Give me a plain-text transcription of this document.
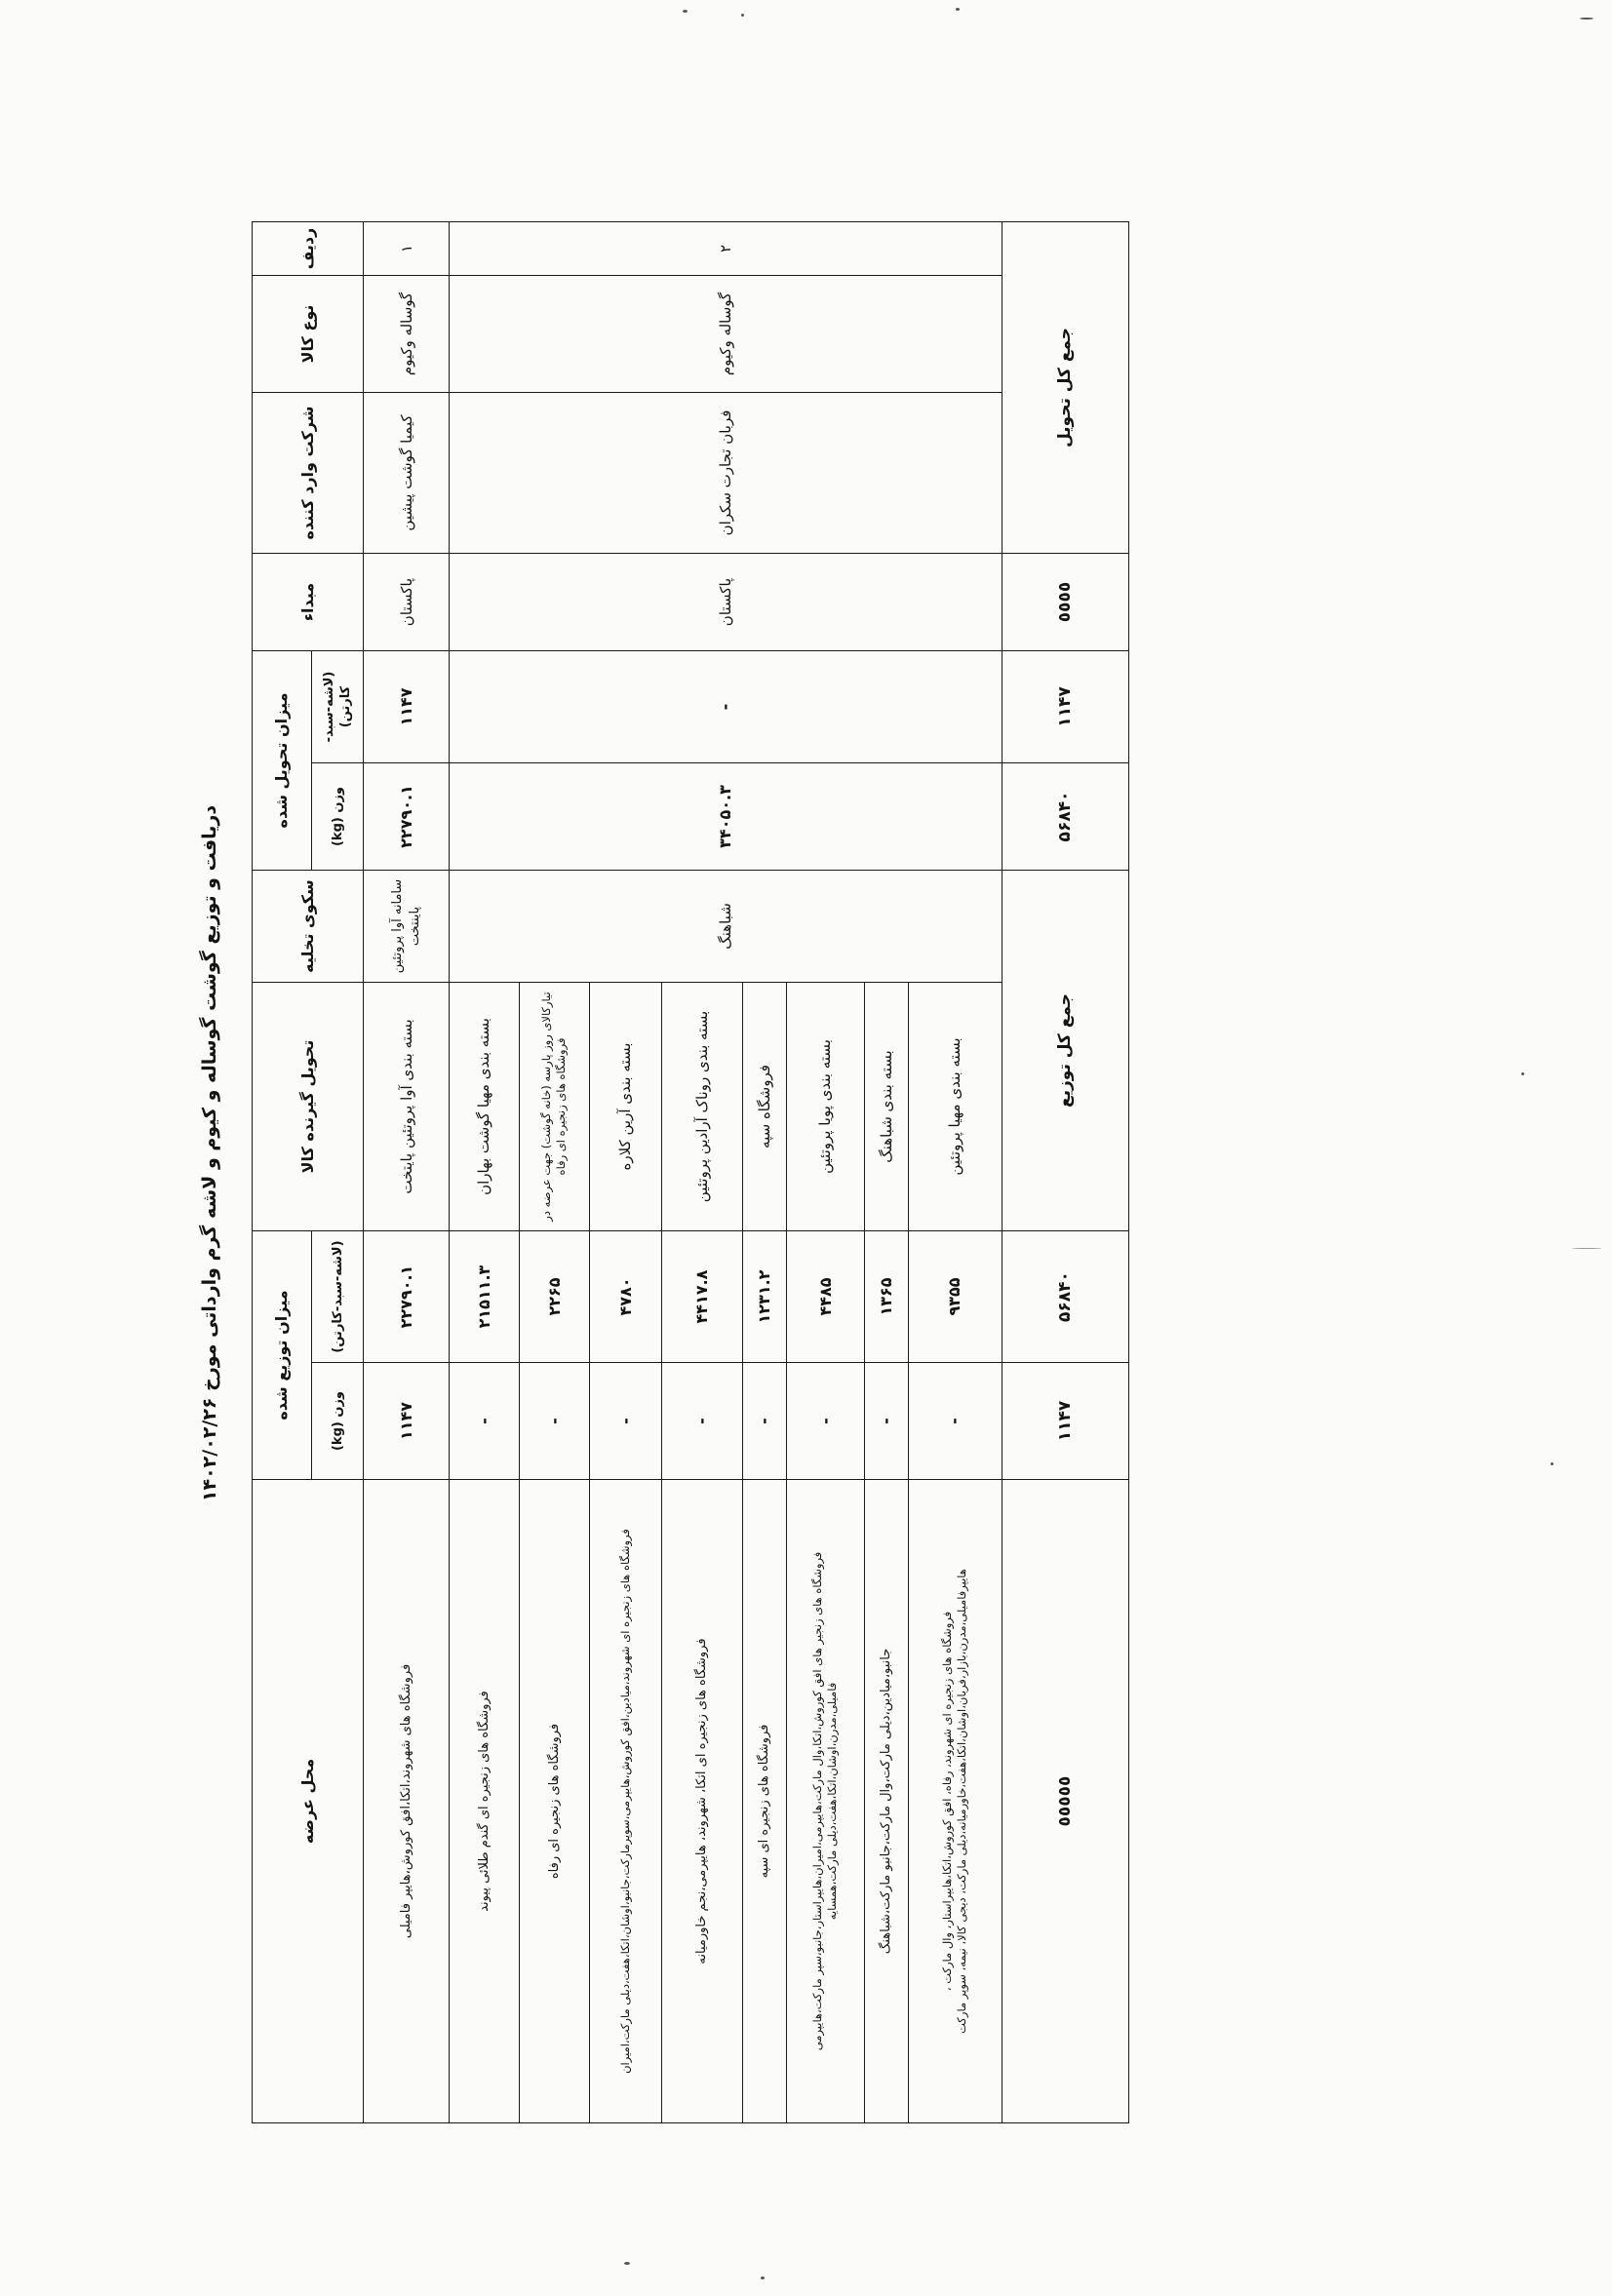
دریافت و توزیع گوشت گوساله و کیوم و لاشه گرم وارداتی مورخ ۱۴۰۲/۰۲/۲۶
ردیف	نوع کالا	شرکت وارد کننده	مبداء	میزان تحویل شده		سکوی تخلیه	تحویل گیرنده کالا	میزان توزیع شده		محل عرضه
				(لاشه-سبد-کارتن)	وزن (kg)			(لاشه-سبد-کارتن)	وزن (kg)	
۱	گوساله وکیوم	کیمیا گوشت پیشین	پاکستان	۱۱۴۷	۲۲۷۹۰.۱	سامانه آوا پروتئین پاینتخت	بسته بندی آوا پروتئین پایتخت	۲۲۷۹۰.۱	۱۱۴۷	فروشگاه های شهروند،اتکا،افق کوروش،هایپر فامیلی
۲	گوساله وکیوم	فربان تجارت سکران	پاکستان	-	۳۴۰۵۰.۳	شباهنگ	بسته بندی مهیا گوشت بهاران	۲۱۵۱۱.۳	-	فروشگاه های زنجیره ای گندم طلائی پیوند
							تیارکالای روز پارسه (خانه گوشت) جهت عرضه در فروشگاه های زنجیره ای رفاه	۲۲۶۵	-	فروشگاه های زنجیره ای رفاه
							بسته بندی آرین کلاره	۴۷۸۰	-	فروشگاه های زنجیره ای شهروند،میادین،افق کوروش،هایپرمی،سوپرمارکت،جانبو،اوشان،اتکا،هفت،دیلی مارکت،امیران
							بسته بندی روناک آرادین پروتئین	۴۴۱۷.۸	-	فروشگاه های زنجیره ای اتکا، شهروند، هایپرمی،نجم خاورمیانه
							فروشگاه سپه	۱۲۳۱.۲	-	فروشگاه های زنجیره ای سپه
							بسته بندی پویا پروتئین	۴۴۸۵	-	فروشگاه های زنجیر های افق کوروش،اتکا،وال مارکت،هایپرمی،امیران،هایپراستار،جانبو،سپر مارکت،هایپرمی فامیلی،مدرن،اوشان،اتکا،هفت،دیلی مارکت،همسایه
							بسته بندی شباهنگ	۱۳۶۵	-	جانبو،میادین،دیلی مارکت،وال مارکت،جانبو مارکت،شباهنگ
							بسته بندی مهیا پروتئین	۹۳۵۵	-	فروشگاه های زنجیره ای شهروند، رفاه، افق کوروش،اتکا،هایپراستار، وال مارکت ، هایپرفامیلی،مدرن،بازار،فربان،اوشان،اتکا،هفت،خاورمیانه،دیلی مارکت، دیجی کالا، نیمه، سوپر مارکت
جمع کل تحویل			٥٥٥٥	۱۱۴۷	۵۶۸۴۰	جمع کل توزیع		۵۶۸۴۰	۱۱۴۷	٥٥٥٥٥
